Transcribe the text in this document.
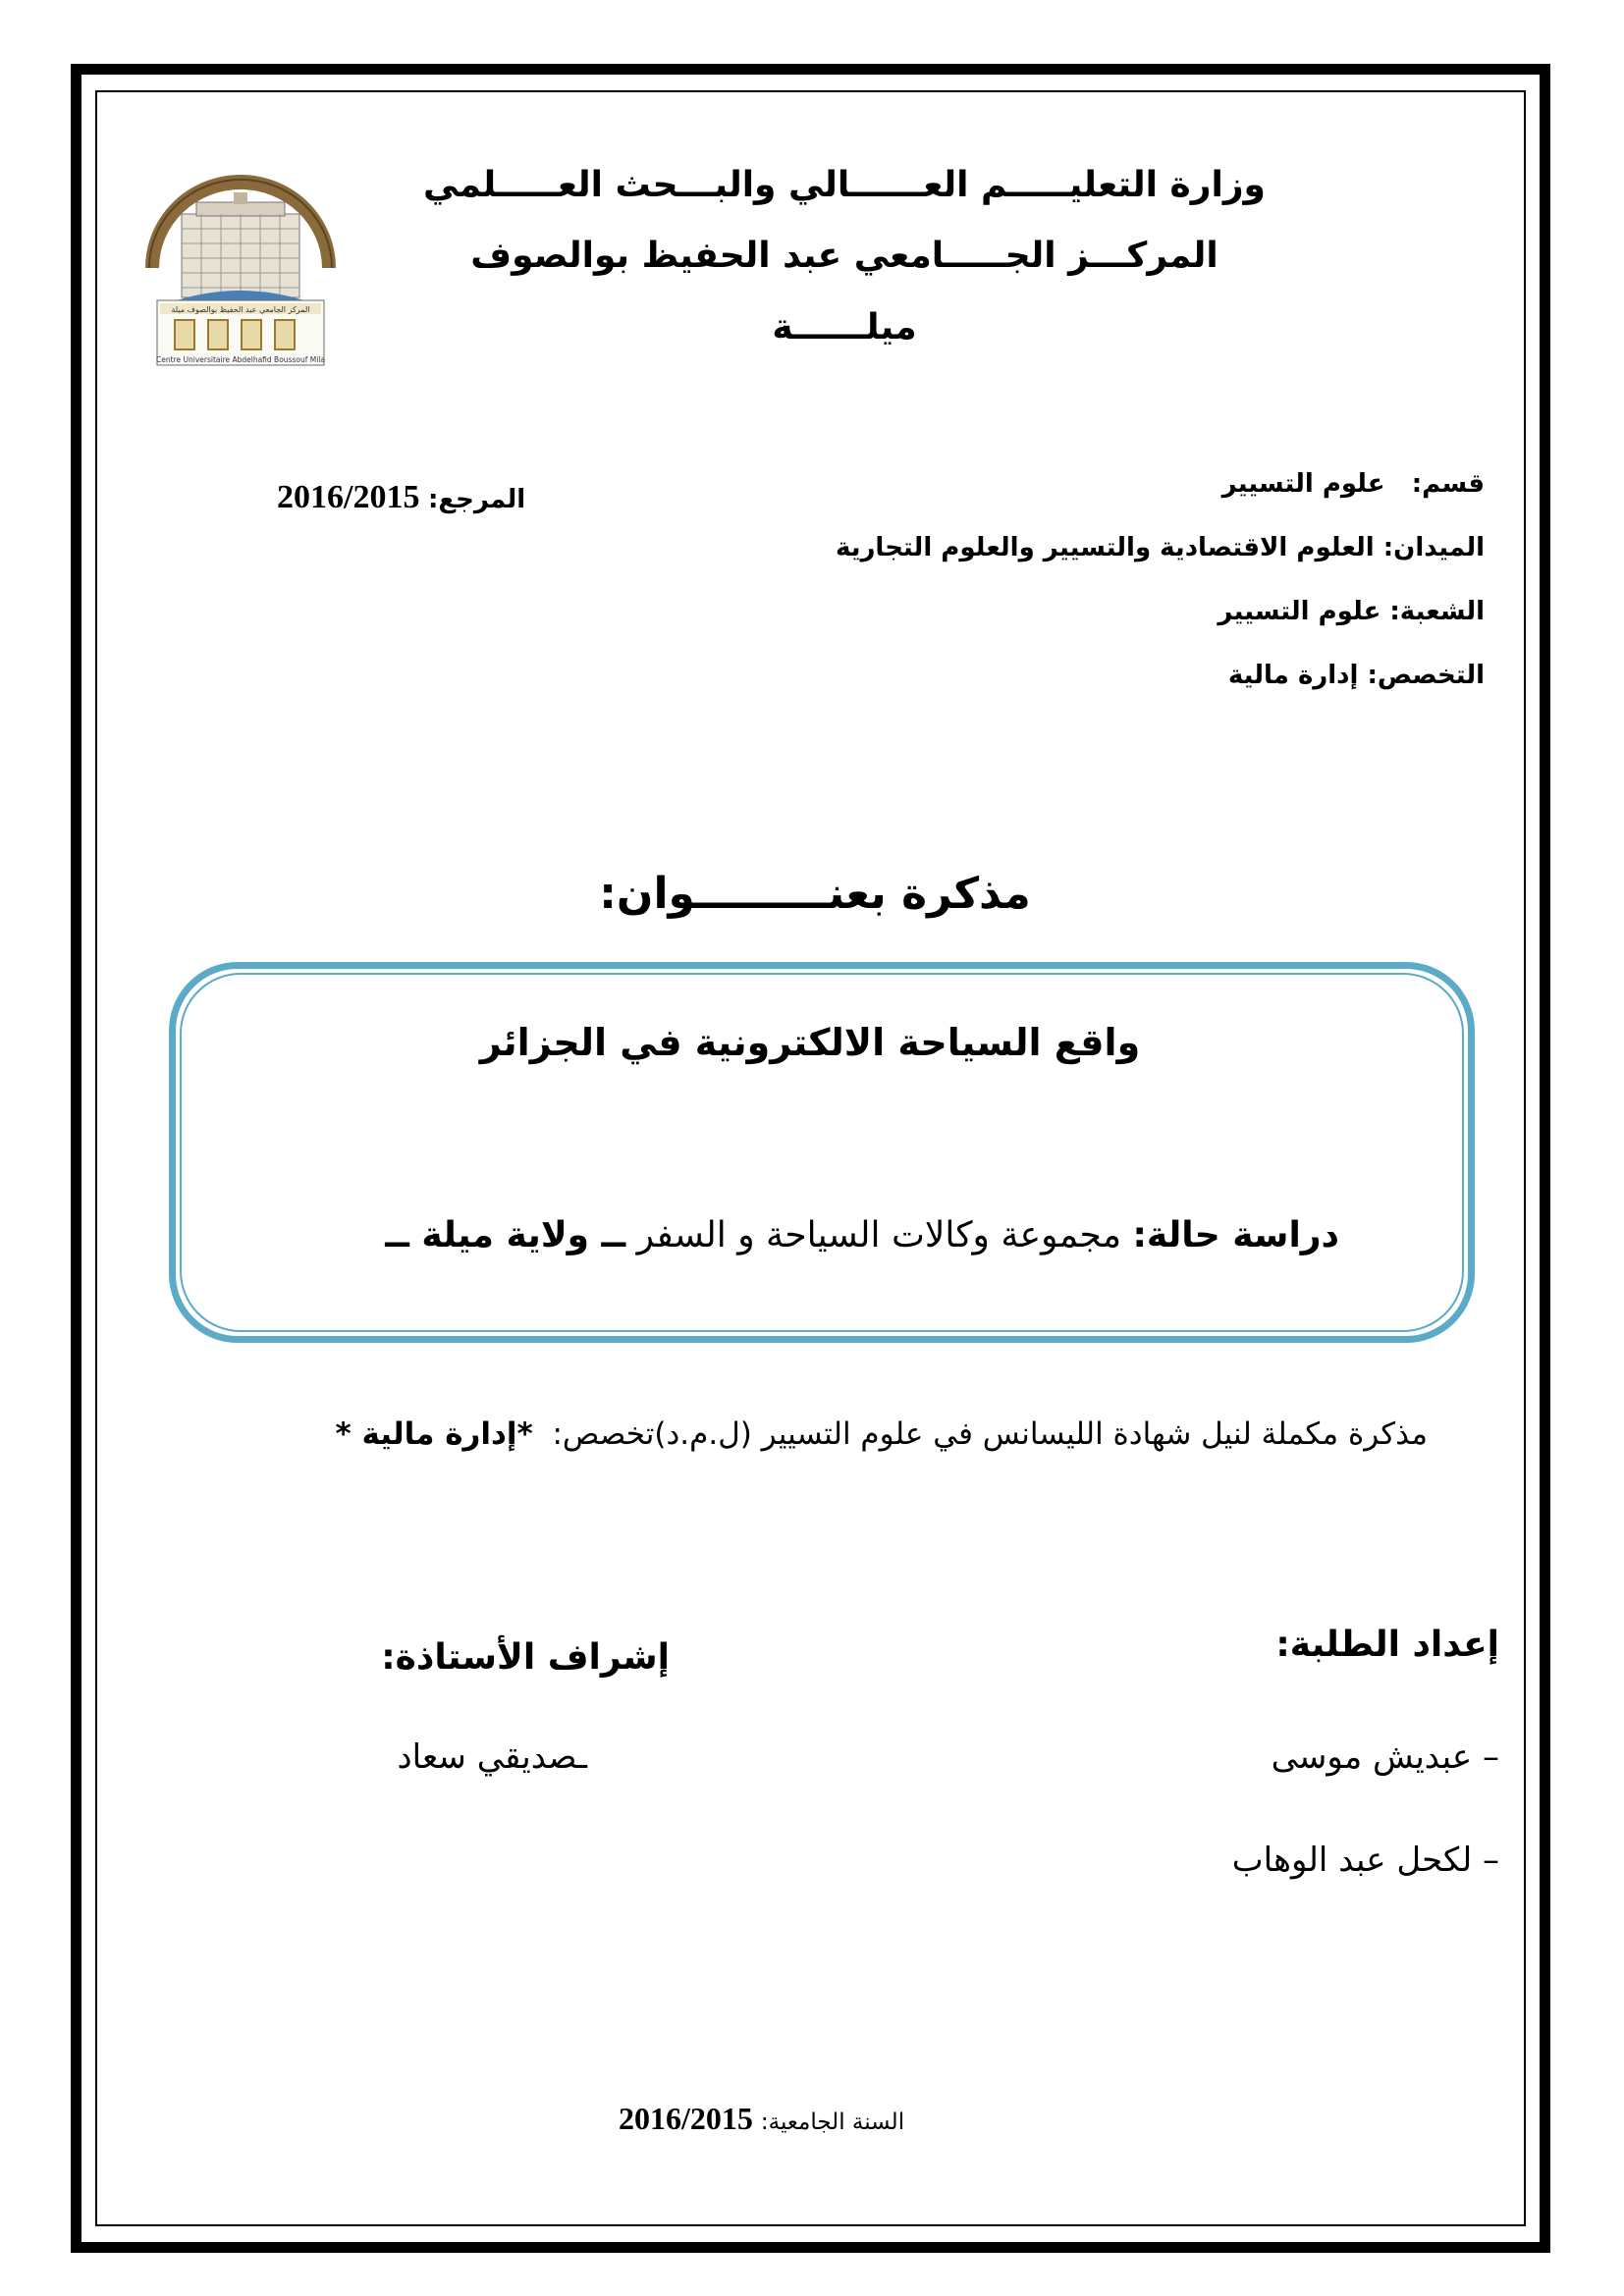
المركز الجامعي عبد الحفيظ بوالصوف ميلة
Centre Universitaire Abdelhafid Boussouf Mila
وزارة التعليـــــم العــــــالي والبـــحث العـــــلمي
المركـــز الجـــــامعي عبد الحفيظ بوالصوف
ميلــــــة
قسم:   علوم التسيير
المرجع: 2016/2015
الميدان: العلوم الاقتصادية والتسيير والعلوم التجارية
الشعبة: علوم التسيير
التخصص: إدارة مالية
مذكرة بعنـــــــــوان:
واقع السياحة الالكترونية في الجزائر
دراسة حالة: مجموعة وكالات السياحة و السفر ــ ولاية ميلة ــ
مذكرة مكملة لنيل شهادة الليسانس في علوم التسيير (ل.م.د)تخصص:  *إدارة مالية *
إعداد الطلبة:
– عبديش موسى
– لكحل عبد الوهاب
إشراف الأستاذة:
ـصديقي سعاد
السنة الجامعية: 2016/2015
